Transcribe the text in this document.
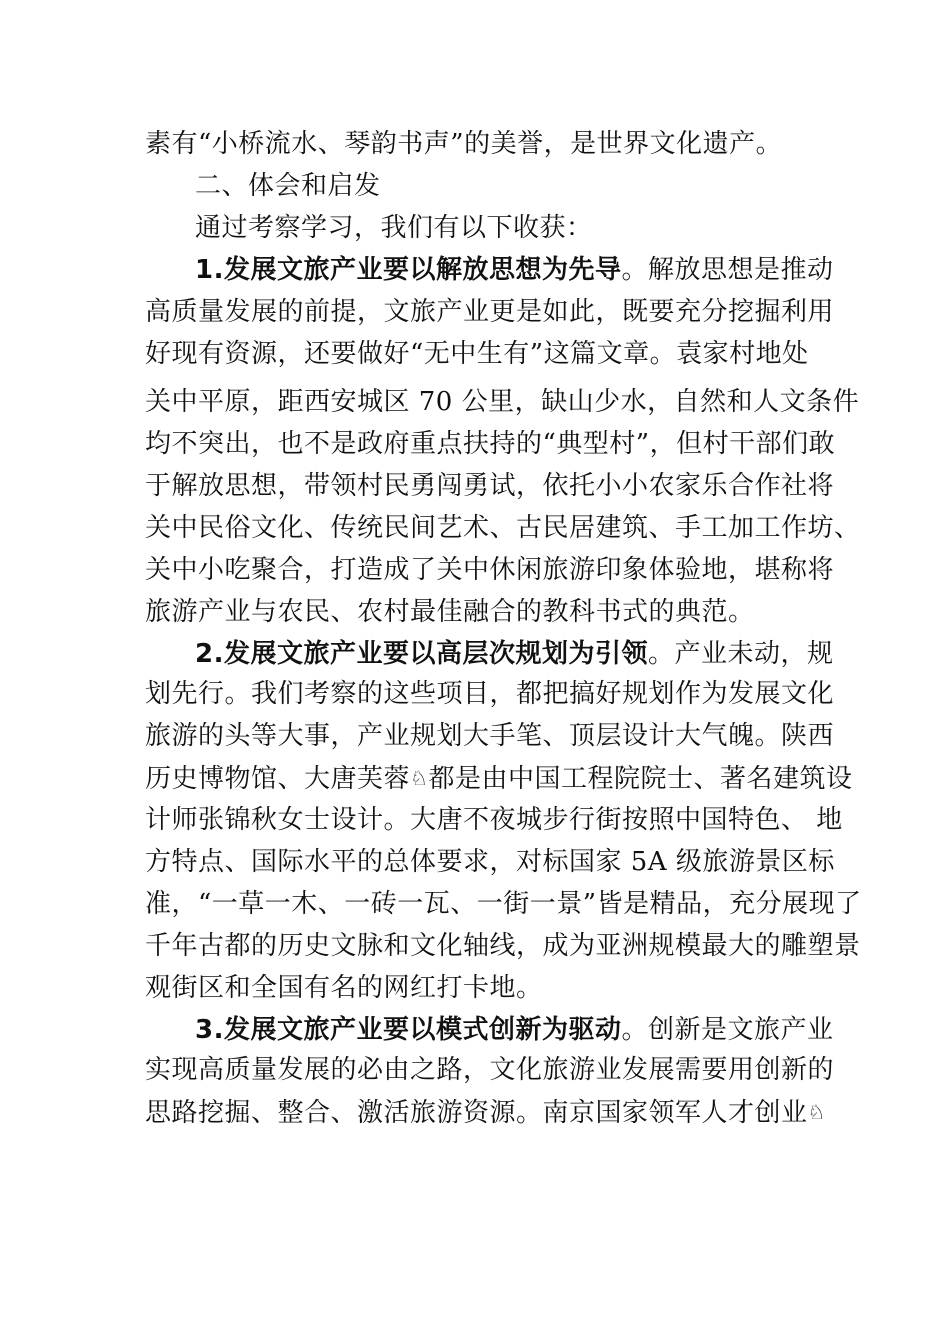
素有“小桥流水、琴韵书声”的美誉，是世界文化遗产。
二、体会和启发
通过考察学习，我们有以下收获：
1.发展文旅产业要以解放思想为先导。解放思想是推动
高质量发展的前提，文旅产业更是如此，既要充分挖掘利用
好现有资源，还要做好“无中生有”这篇文章。袁家村地处
关中平原，距西安城区 70 公里，缺山少水，自然和人文条件
均不突出，也不是政府重点扶持的“典型村”，但村干部们敢
于解放思想，带领村民勇闯勇试，依托小小农家乐合作社将
关中民俗文化、传统民间艺术、古民居建筑、手工加工作坊、
关中小吃聚合，打造成了关中休闲旅游印象体验地，堪称将
旅游产业与农民、农村最佳融合的教科书式的典范。
2.发展文旅产业要以高层次规划为引领。产业未动，规
划先行。我们考察的这些项目，都把搞好规划作为发展文化
旅游的头等大事，产业规划大手笔、顶层设计大气魄。陕西
历史博物馆、大唐芙蓉♘都是由中国工程院院士、著名建筑设
计师张锦秋女士设计。大唐不夜城步行街按照中国特色、 地
方特点、国际水平的总体要求，对标国家 5A 级旅游景区标
准，“一草一木、一砖一瓦、一街一景”皆是精品，充分展现了
千年古都的历史文脉和文化轴线，成为亚洲规模最大的雕塑景
观街区和全国有名的网红打卡地。
3.发展文旅产业要以模式创新为驱动。创新是文旅产业
实现高质量发展的必由之路，文化旅游业发展需要用创新的
思路挖掘、整合、激活旅游资源。南京国家领军人才创业♘
